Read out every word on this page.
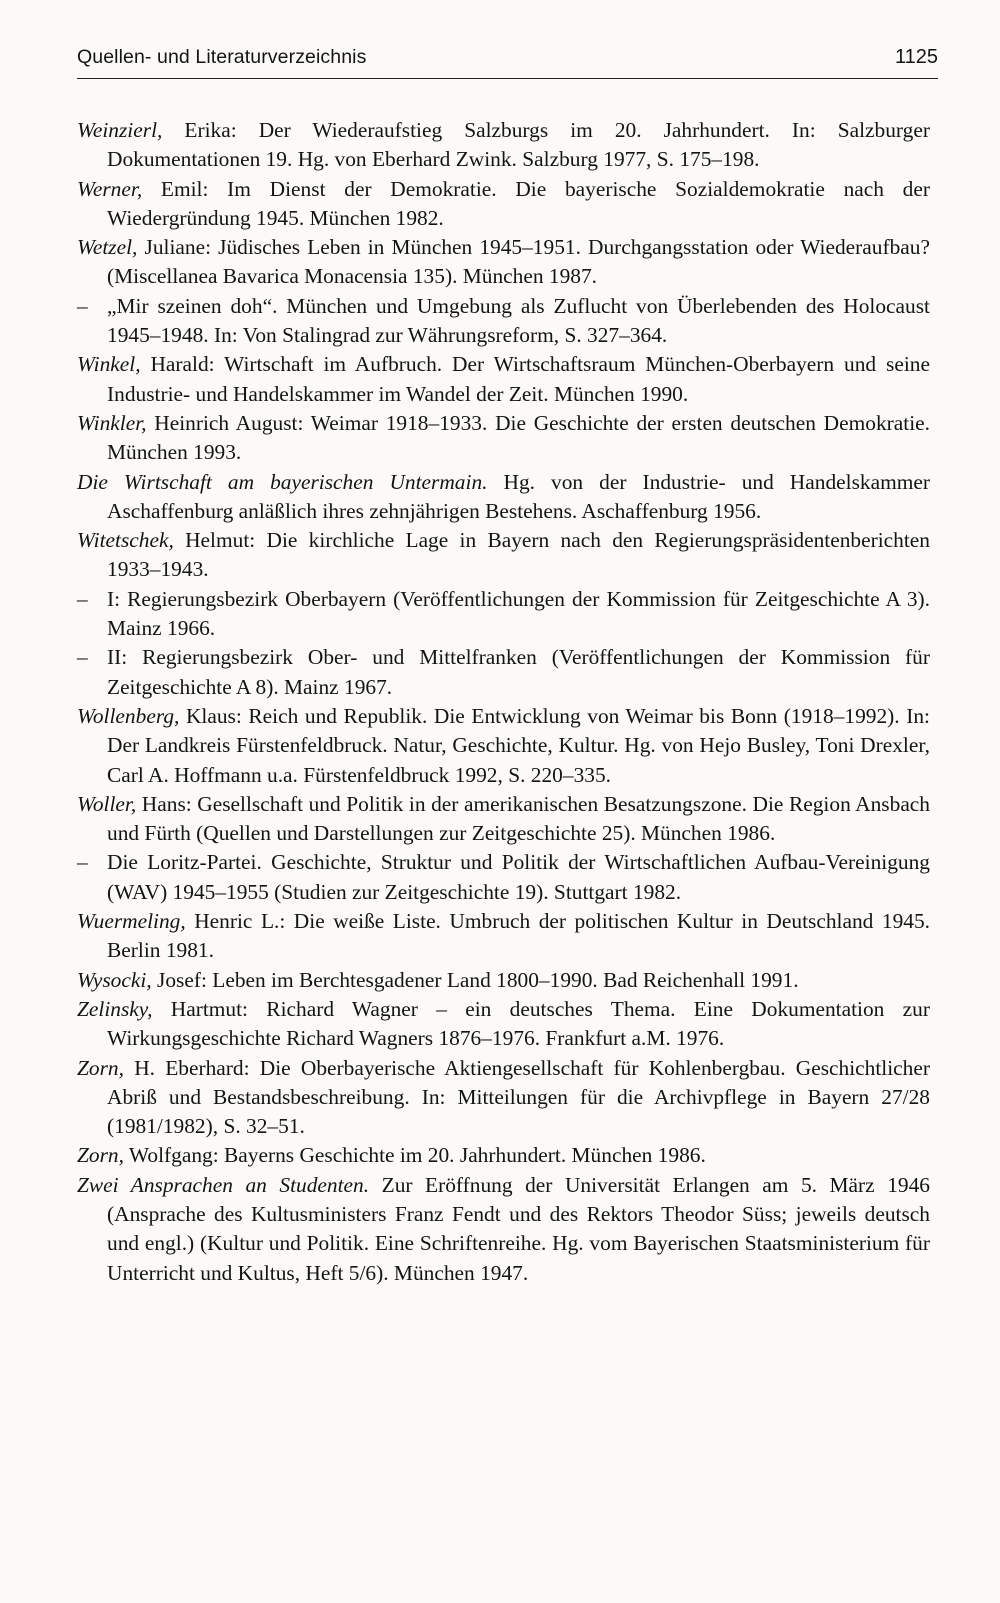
Quellen- und Literaturverzeichnis	1125
Weinzierl, Erika: Der Wiederaufstieg Salzburgs im 20. Jahrhundert. In: Salzburger Dokumentationen 19. Hg. von Eberhard Zwink. Salzburg 1977, S. 175–198.
Werner, Emil: Im Dienst der Demokratie. Die bayerische Sozialdemokratie nach der Wiedergründung 1945. München 1982.
Wetzel, Juliane: Jüdisches Leben in München 1945–1951. Durchgangsstation oder Wiederaufbau? (Miscellanea Bavarica Monacensia 135). München 1987.
– „Mir szeinen doh“. München und Umgebung als Zuflucht von Überlebenden des Holocaust 1945–1948. In: Von Stalingrad zur Währungsreform, S. 327–364.
Winkel, Harald: Wirtschaft im Aufbruch. Der Wirtschaftsraum München-Oberbayern und seine Industrie- und Handelskammer im Wandel der Zeit. München 1990.
Winkler, Heinrich August: Weimar 1918–1933. Die Geschichte der ersten deutschen Demokratie. München 1993.
Die Wirtschaft am bayerischen Untermain. Hg. von der Industrie- und Handelskammer Aschaffenburg anläßlich ihres zehnjährigen Bestehens. Aschaffenburg 1956.
Witetschek, Helmut: Die kirchliche Lage in Bayern nach den Regierungspräsidentenberichten 1933–1943.
– I: Regierungsbezirk Oberbayern (Veröffentlichungen der Kommission für Zeitgeschichte A 3). Mainz 1966.
– II: Regierungsbezirk Ober- und Mittelfranken (Veröffentlichungen der Kommission für Zeitgeschichte A 8). Mainz 1967.
Wollenberg, Klaus: Reich und Republik. Die Entwicklung von Weimar bis Bonn (1918–1992). In: Der Landkreis Fürstenfeldbruck. Natur, Geschichte, Kultur. Hg. von Hejo Busley, Toni Drexler, Carl A. Hoffmann u.a. Fürstenfeldbruck 1992, S. 220–335.
Woller, Hans: Gesellschaft und Politik in der amerikanischen Besatzungszone. Die Region Ansbach und Fürth (Quellen und Darstellungen zur Zeitgeschichte 25). München 1986.
– Die Loritz-Partei. Geschichte, Struktur und Politik der Wirtschaftlichen Aufbau-Vereinigung (WAV) 1945–1955 (Studien zur Zeitgeschichte 19). Stuttgart 1982.
Wuermeling, Henric L.: Die weiße Liste. Umbruch der politischen Kultur in Deutschland 1945. Berlin 1981.
Wysocki, Josef: Leben im Berchtesgadener Land 1800–1990. Bad Reichenhall 1991.
Zelinsky, Hartmut: Richard Wagner – ein deutsches Thema. Eine Dokumentation zur Wirkungsgeschichte Richard Wagners 1876–1976. Frankfurt a.M. 1976.
Zorn, H. Eberhard: Die Oberbayerische Aktiengesellschaft für Kohlenbergbau. Geschichtlicher Abriß und Bestandsbeschreibung. In: Mitteilungen für die Archivpflege in Bayern 27/28 (1981/1982), S. 32–51.
Zorn, Wolfgang: Bayerns Geschichte im 20. Jahrhundert. München 1986.
Zwei Ansprachen an Studenten. Zur Eröffnung der Universität Erlangen am 5. März 1946 (Ansprache des Kultusministers Franz Fendt und des Rektors Theodor Süss; jeweils deutsch und engl.) (Kultur und Politik. Eine Schriftenreihe. Hg. vom Bayerischen Staatsministerium für Unterricht und Kultus, Heft 5/6). München 1947.
